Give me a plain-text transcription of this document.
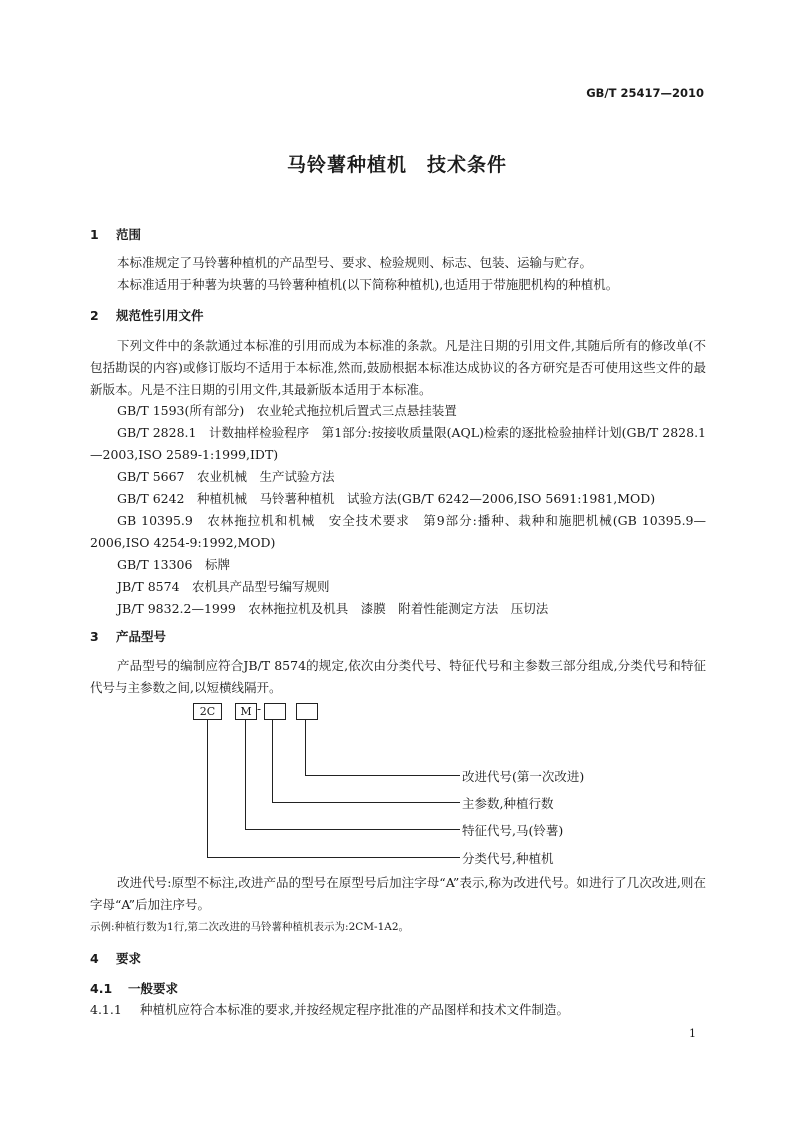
GB/T 25417—2010
马铃薯种植机　技术条件
1 范围
本标准规定了马铃薯种植机的产品型号、要求、检验规则、标志、包装、运输与贮存。
本标准适用于种薯为块薯的马铃薯种植机(以下简称种植机),也适用于带施肥机构的种植机。
2 规范性引用文件
下列文件中的条款通过本标准的引用而成为本标准的条款。凡是注日期的引用文件,其随后所有的修改单(不包括勘误的内容)或修订版均不适用于本标准,然而,鼓励根据本标准达成协议的各方研究是否可使用这些文件的最新版本。凡是不注日期的引用文件,其最新版本适用于本标准。
GB/T 1593(所有部分)　农业轮式拖拉机后置式三点悬挂装置
GB/T 2828.1　计数抽样检验程序　第1部分:按接收质量限(AQL)检索的逐批检验抽样计划(GB/T 2828.1—2003,ISO 2589-1:1999,IDT)
GB/T 5667　农业机械　生产试验方法
GB/T 6242　种植机械　马铃薯种植机　试验方法(GB/T 6242—2006,ISO 5691:1981,MOD)
GB 10395.9　农林拖拉机和机械　安全技术要求　第9部分:播种、栽种和施肥机械(GB 10395.9—2006,ISO 4254-9:1992,MOD)
GB/T 13306　标牌
JB/T 8574　农机具产品型号编写规则
JB/T 9832.2—1999　农林拖拉机及机具　漆膜　附着性能测定方法　压切法
3 产品型号
产品型号的编制应符合JB/T 8574的规定,依次由分类代号、特征代号和主参数三部分组成,分类代号和特征代号与主参数之间,以短横线隔开。
2C	M -
改进代号(第一次改进)
主参数,种植行数
特征代号,马(铃薯)
分类代号,种植机
改进代号:原型不标注,改进产品的型号在原型号后加注字母“A”表示,称为改进代号。如进行了几次改进,则在字母“A”后加注序号。
示例:种植行数为1行,第二次改进的马铃薯种植机表示为:2CM-1A2。
4 要求
4.1 一般要求
4.1.1 种植机应符合本标准的要求,并按经规定程序批准的产品图样和技术文件制造。
1
